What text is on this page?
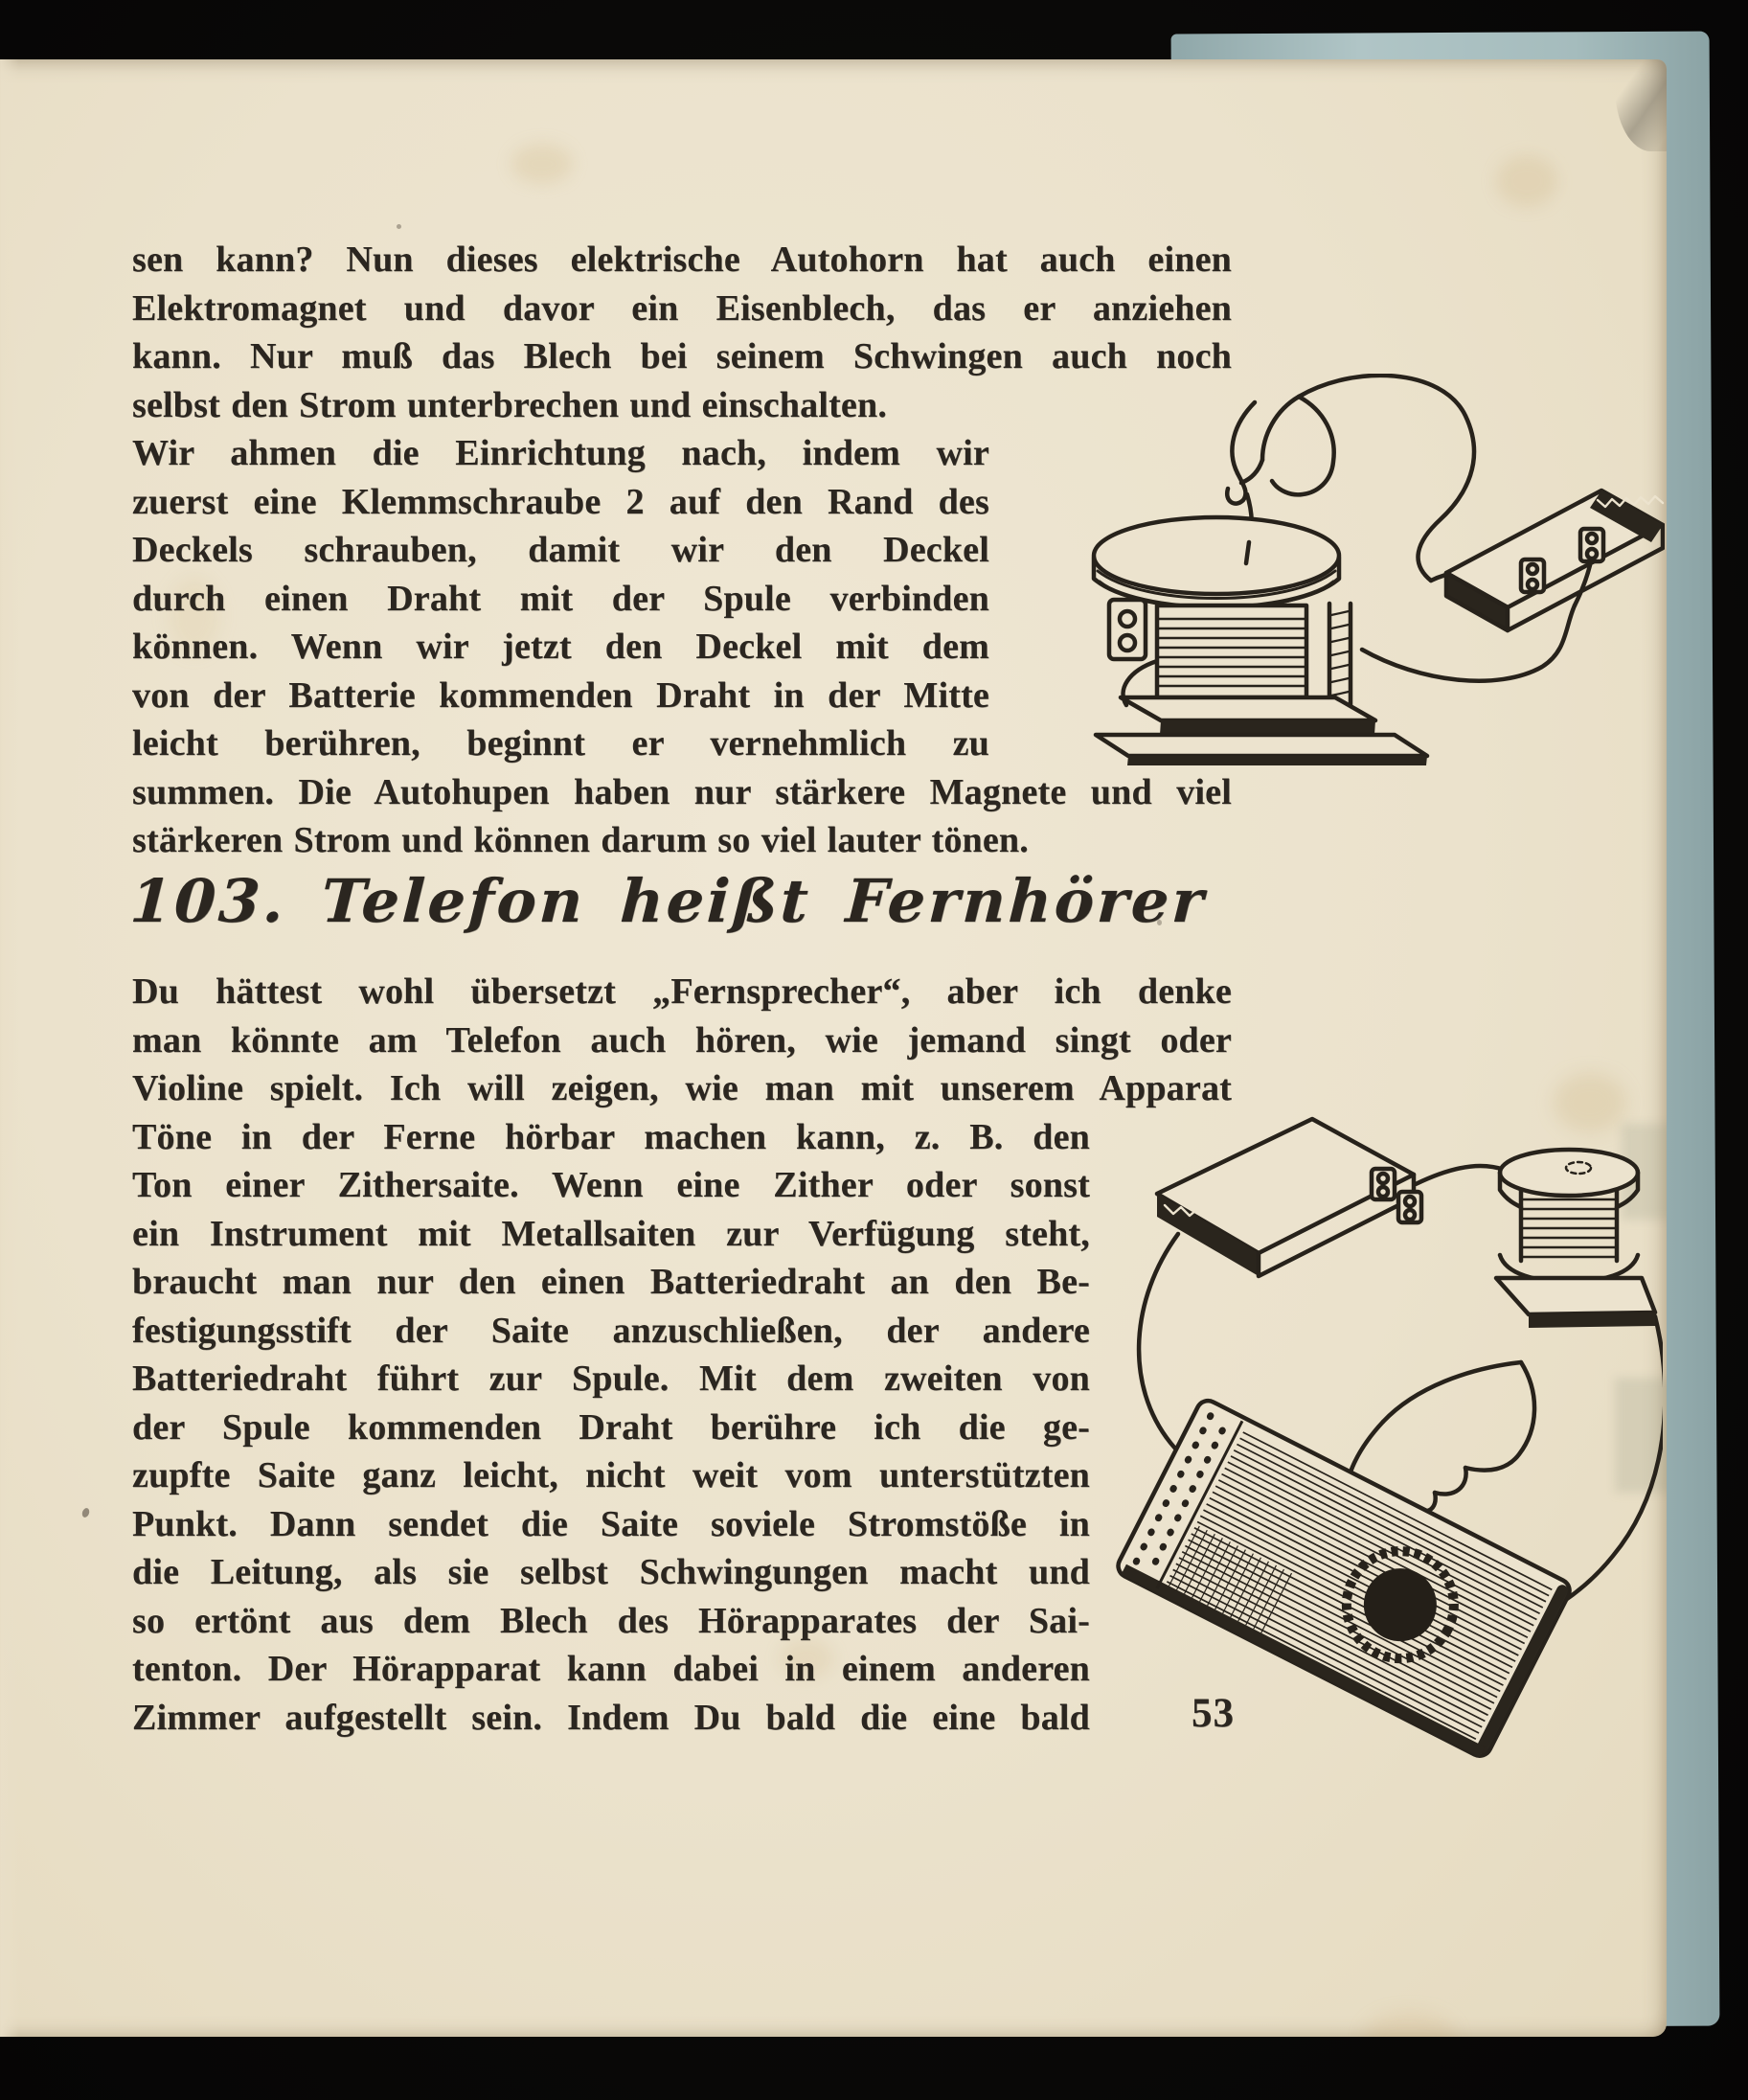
sen kann? Nun dieses elektrische Autohorn hat auch einen
Elektromagnet und davor ein Eisenblech, das er anziehen
kann. Nur muß das Blech bei seinem Schwingen auch noch
selbst den Strom unterbrechen und einschalten.
Wir ahmen die Einrichtung nach, indem wir
zuerst eine Klemmschraube 2 auf den Rand des
Deckels schrauben, damit wir den Deckel
durch einen Draht mit der Spule verbinden
können. Wenn wir jetzt den Deckel mit dem
von der Batterie kommenden Draht in der Mitte
leicht berühren, beginnt er vernehmlich zu
summen. Die Autohupen haben nur stärkere Magnete und viel
stärkeren Strom und können darum so viel lauter tönen.
103. Telefon heißt Fernhörer
Du hättest wohl übersetzt „Fernsprecher“, aber ich denke
man könnte am Telefon auch hören, wie jemand singt oder
Violine spielt. Ich will zeigen, wie man mit unserem Apparat
Töne in der Ferne hörbar machen kann, z. B. den
Ton einer Zithersaite. Wenn eine Zither oder sonst
ein Instrument mit Metallsaiten zur Verfügung steht,
braucht man nur den einen Batteriedraht an den Be-
festigungsstift der Saite anzuschließen, der andere
Batteriedraht führt zur Spule. Mit dem zweiten von
der Spule kommenden Draht berühre ich die ge-
zupfte Saite ganz leicht, nicht weit vom unterstützten
Punkt. Dann sendet die Saite soviele Stromstöße in
die Leitung, als sie selbst Schwingungen macht und
so ertönt aus dem Blech des Hörapparates der Sai-
tenton. Der Hörapparat kann dabei in einem anderen
Zimmer aufgestellt sein. Indem Du bald die eine bald 53
